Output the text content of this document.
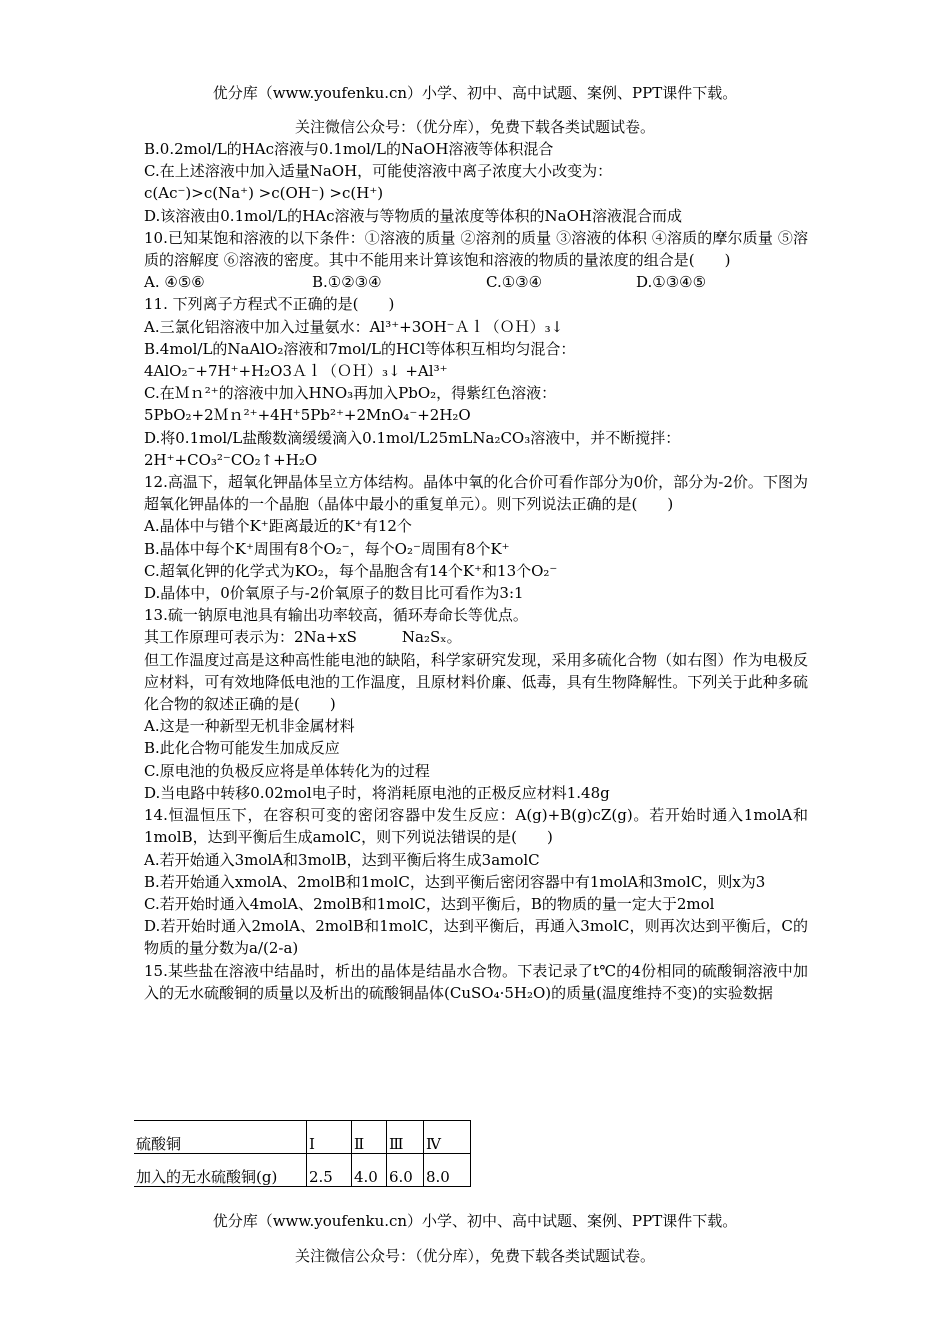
优分库（www.youfenku.cn）小学、初中、高中试题、案例、PPT课件下载。
关注微信公众号：（优分库），免费下载各类试题试卷。
B.0.2mol/L的HAc溶液与0.1mol/L的NaOH溶液等体积混合
C.在上述溶液中加入适量NaOH，可能使溶液中离子浓度大小改变为：
c(Ac⁻)>c(Na⁺) >c(OH⁻) >c(H⁺)
D.该溶液由0.1mol/L的HAc溶液与等物质的量浓度等体积的NaOH溶液混合而成
10.已知某饱和溶液的以下条件：①溶液的质量 ②溶剂的质量 ③溶液的体积 ④溶质的摩尔质量 ⑤溶质的溶解度 ⑥溶液的密度。其中不能用来计算该饱和溶液的物质的量浓度的组合是(　　)
A. ④⑤⑥	B.①②③④	C.①③④	D.①③④⑤
11. 下列离子方程式不正确的是(　　)
A.三氯化铝溶液中加入过量氨水：Al³⁺+3OH⁻Ａｌ（ＯＨ）₃↓
B.4mol/L的NaAlO₂溶液和7mol/L的HCl等体积互相均匀混合：
4AlO₂⁻+7H⁺+H₂O3Ａｌ（ＯＨ）₃↓ +Al³⁺
C.在Ｍｎ²⁺的溶液中加入HNO₃再加入PbO₂，得紫红色溶液：
5PbO₂+2Ｍｎ²⁺+4H⁺5Pb²⁺+2MnO₄⁻+2H₂O
D.将0.1mol/L盐酸数滴缓缓滴入0.1mol/L25mLNa₂CO₃溶液中，并不断搅拌：
2H⁺+CO₃²⁻CO₂↑+H₂O
12.高温下，超氧化钾晶体呈立方体结构。晶体中氧的化合价可看作部分为0价，部分为-2价。下图为超氧化钾晶体的一个晶胞（晶体中最小的重复单元）。则下列说法正确的是(　　)
A.晶体中与错个K⁺距离最近的K⁺有12个
B.晶体中每个K⁺周围有8个O₂⁻，每个O₂⁻周围有8个K⁺
C.超氧化钾的化学式为KO₂，每个晶胞含有14个K⁺和13个O₂⁻
D.晶体中，0价氧原子与-2价氧原子的数目比可看作为3:1
13.硫一钠原电池具有输出功率较高，循环寿命长等优点。
其工作原理可表示为：2Na+xS　　　Na₂Sₓ。
但工作温度过高是这种高性能电池的缺陷，科学家研究发现，采用多硫化合物（如右图）作为电极反应材料，可有效地降低电池的工作温度，且原材料价廉、低毒，具有生物降解性。下列关于此种多硫化合物的叙述正确的是(　　)
A.这是一种新型无机非金属材料
B.此化合物可能发生加成反应
C.原电池的负极反应将是单体转化为的过程
D.当电路中转移0.02mol电子时，将消耗原电池的正极反应材料1.48g
14.恒温恒压下，在容积可变的密闭容器中发生反应：A(g)+B(g)cZ(g)。若开始时通入1molA和1molB，达到平衡后生成amolC，则下列说法错误的是(　　)
A.若开始通入3molA和3molB，达到平衡后将生成3amolC
B.若开始通入xmolA、2molB和1molC，达到平衡后密闭容器中有1molA和3molC，则x为3
C.若开始时通入4molA、2molB和1molC，达到平衡后，B的物质的量一定大于2mol
D.若开始时通入2molA、2molB和1molC，达到平衡后，再通入3molC，则再次达到平衡后，C的物质的量分数为a/(2-a)
15.某些盐在溶液中结晶时，析出的晶体是结晶水合物。下表记录了t℃的4份相同的硫酸铜溶液中加入的无水硫酸铜的质量以及析出的硫酸铜晶体(CuSO₄·5H₂O)的质量(温度维持不变)的实验数据
硫酸铜	Ⅰ	Ⅱ	Ⅲ	Ⅳ
加入的无水硫酸铜(g)	2.5	4.0	6.0	8.0
优分库（www.youfenku.cn）小学、初中、高中试题、案例、PPT课件下载。
关注微信公众号：（优分库），免费下载各类试题试卷。
